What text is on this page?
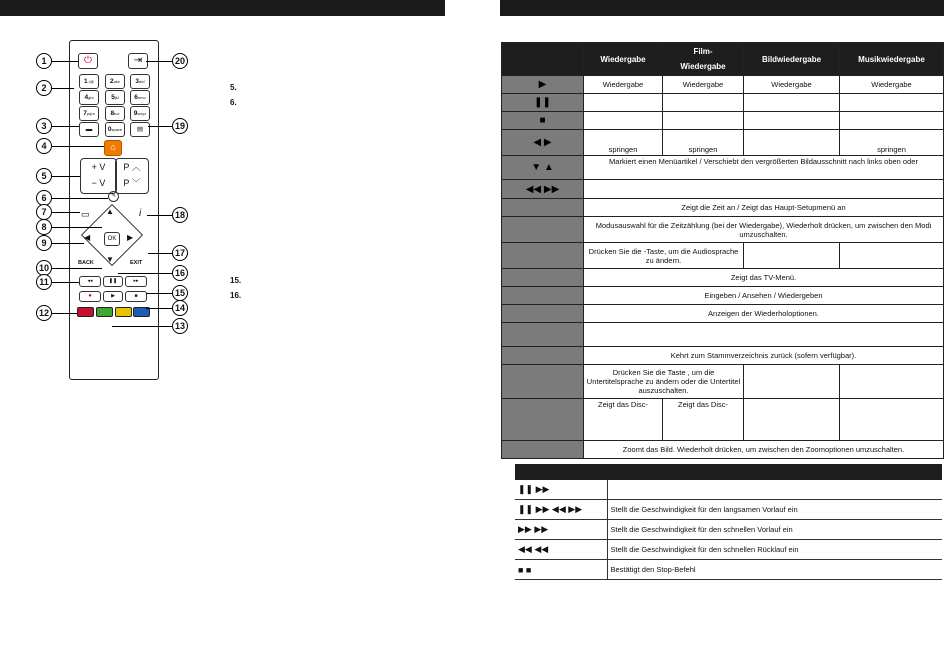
⏻	⇥
1./@	2abc	3def
4ghi	5jkl	6mno
7pqrs	8tuv	9wxyz
▬	0space	▤
⌂
+ V
− V
P ︿
P ﹀
✎
▲
▼
◀	▶
OK
▭	i
BACK	EXIT
◂◂	❚❚	▸▸
●	▶	■
1
2
3
4
5
6
7
8
9
10
11
12
20
19
18
17
16
15
14
13
5.
6.
15.
16.
	Wiedergabe	Film-
Wiedergabe	Bildwiedergabe	Musikwiedergabe
▶	Wiedergabe	Wiedergabe	Wiedergabe	Wiedergabe
❚❚				
■				
◀ ▶	springen	springen		springen
▼ ▲	Markiert einen Menüartikel / Verschiebt den vergrößerten Bildausschnitt nach links oben oder			
◀◀ ▶▶				
	Zeigt die Zeit an / Zeigt das Haupt-Setupmenü an			
	Modusauswahl für die Zeitzählung (bei der Wiedergabe), Wiederholt drücken, um zwischen den Modi umzuschalten.			
	Drücken Sie die -Taste, um die Audiosprache zu ändern.			
	Zeigt das TV-Menü.			
	Eingeben / Ansehen / Wiedergeben			
	Anzeigen der Wiederholoptionen.			

	Kehrt zum Stammverzeichnis zurück (sofern verfügbar).			
	Drücken Sie die Taste , um die Untertitelsprache zu ändern oder die Untertitel auszuschalten.			
	Zeigt das Disc-	Zeigt das Disc-		
	Zoomt das Bild. Wiederholt drücken, um zwischen den Zoomoptionen umzuschalten.			

❚❚ ▶▶	
❚❚ ▶▶ ◀◀ ▶▶	Stellt die Geschwindigkeit für den langsamen Vorlauf ein
▶▶ ▶▶	Stellt die Geschwindigkeit für den schnellen Vorlauf ein
◀◀ ◀◀	Stellt die Geschwindigkeit für den schnellen Rücklauf ein
■ ■	Bestätigt den Stop-Befehl
